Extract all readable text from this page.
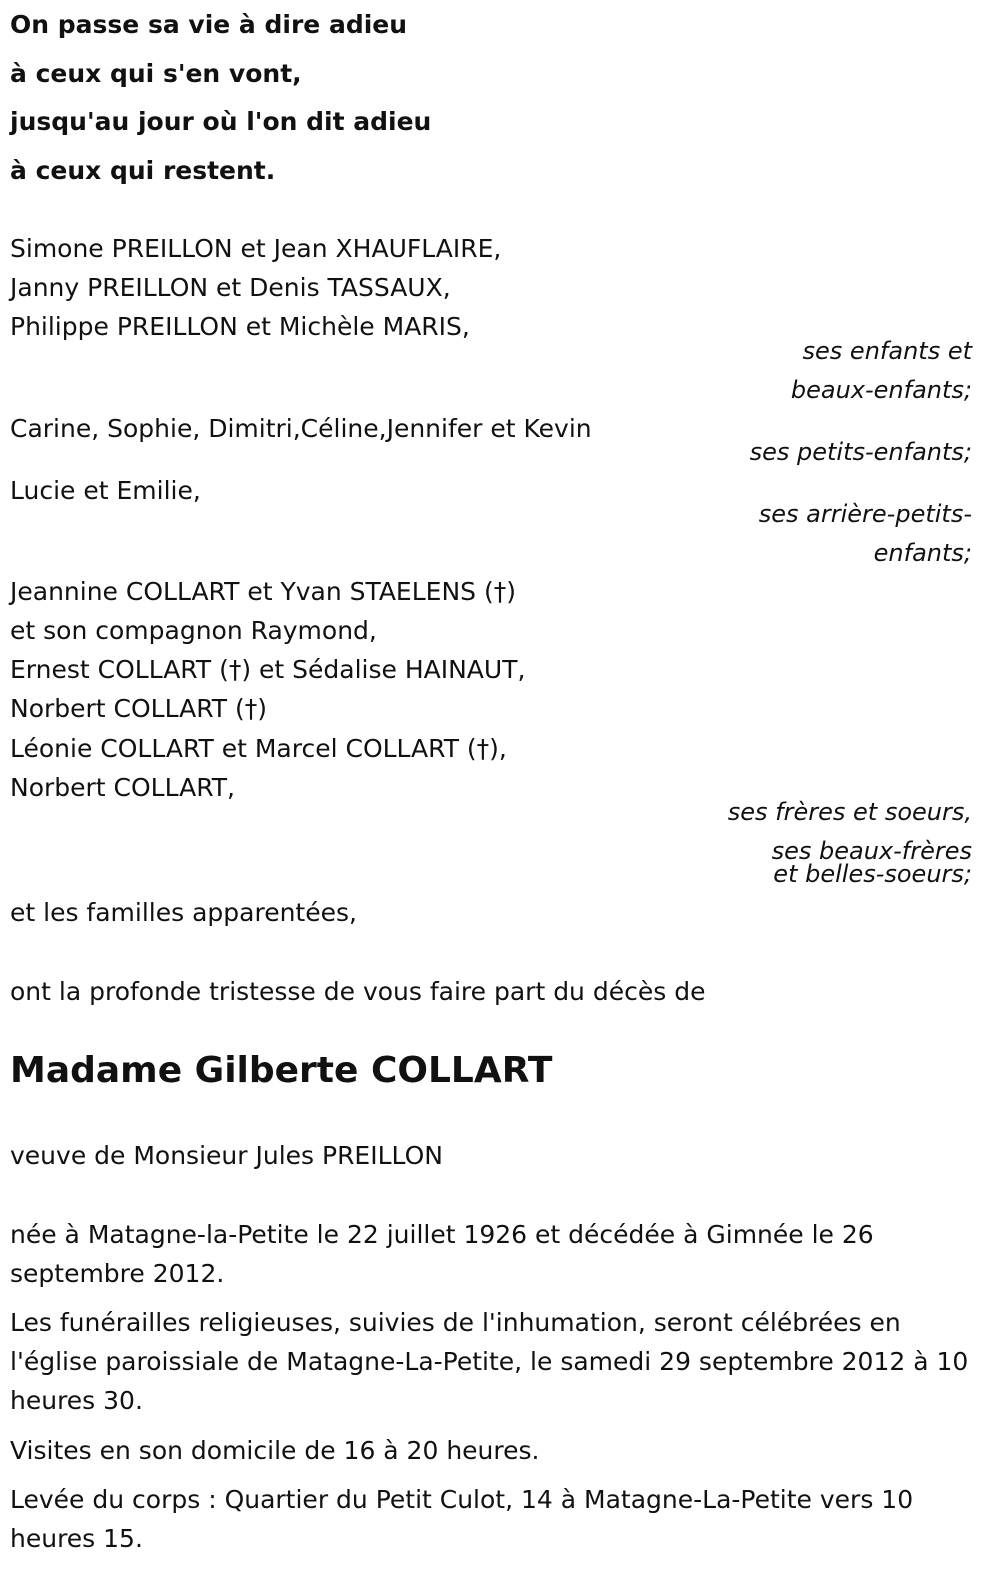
On passe sa vie à dire adieu

à ceux qui s'en vont,

jusqu'au jour où l'on dit adieu

à ceux qui restent.

Simone PREILLON et Jean XHAUFLAIRE,

Janny PREILLON et Denis TASSAUX,

Philippe PREILLON et Michèle MARIS,

ses enfants et

beaux-enfants;

Carine, Sophie, Dimitri,Céline,Jennifer et Kevin

ses petits-enfants;

Lucie et Emilie,

ses arrière-petits-

enfants;

Jeannine COLLART et Yvan STAELENS (†)

et son compagnon Raymond,

Ernest COLLART (†) et Sédalise HAINAUT,

Norbert COLLART (†)

Léonie COLLART et Marcel COLLART (†),

Norbert COLLART,

ses frères et soeurs,

ses beaux-frères

et belles-soeurs;

et les familles apparentées,

ont la profonde tristesse de vous faire part du décès de

Madame Gilberte COLLART

veuve de Monsieur Jules PREILLON

née à Matagne-la-Petite le 22 juillet 1926 et décédée à Gimnée le 26 septembre 2012.

Les funérailles religieuses, suivies de l'inhumation, seront célébrées en l'église paroissiale de Matagne-La-Petite, le samedi 29 septembre 2012 à 10 heures 30.

Visites en son domicile de 16 à 20 heures.

Levée du corps : Quartier du Petit Culot, 14 à Matagne-La-Petite vers 10 heures 15.
